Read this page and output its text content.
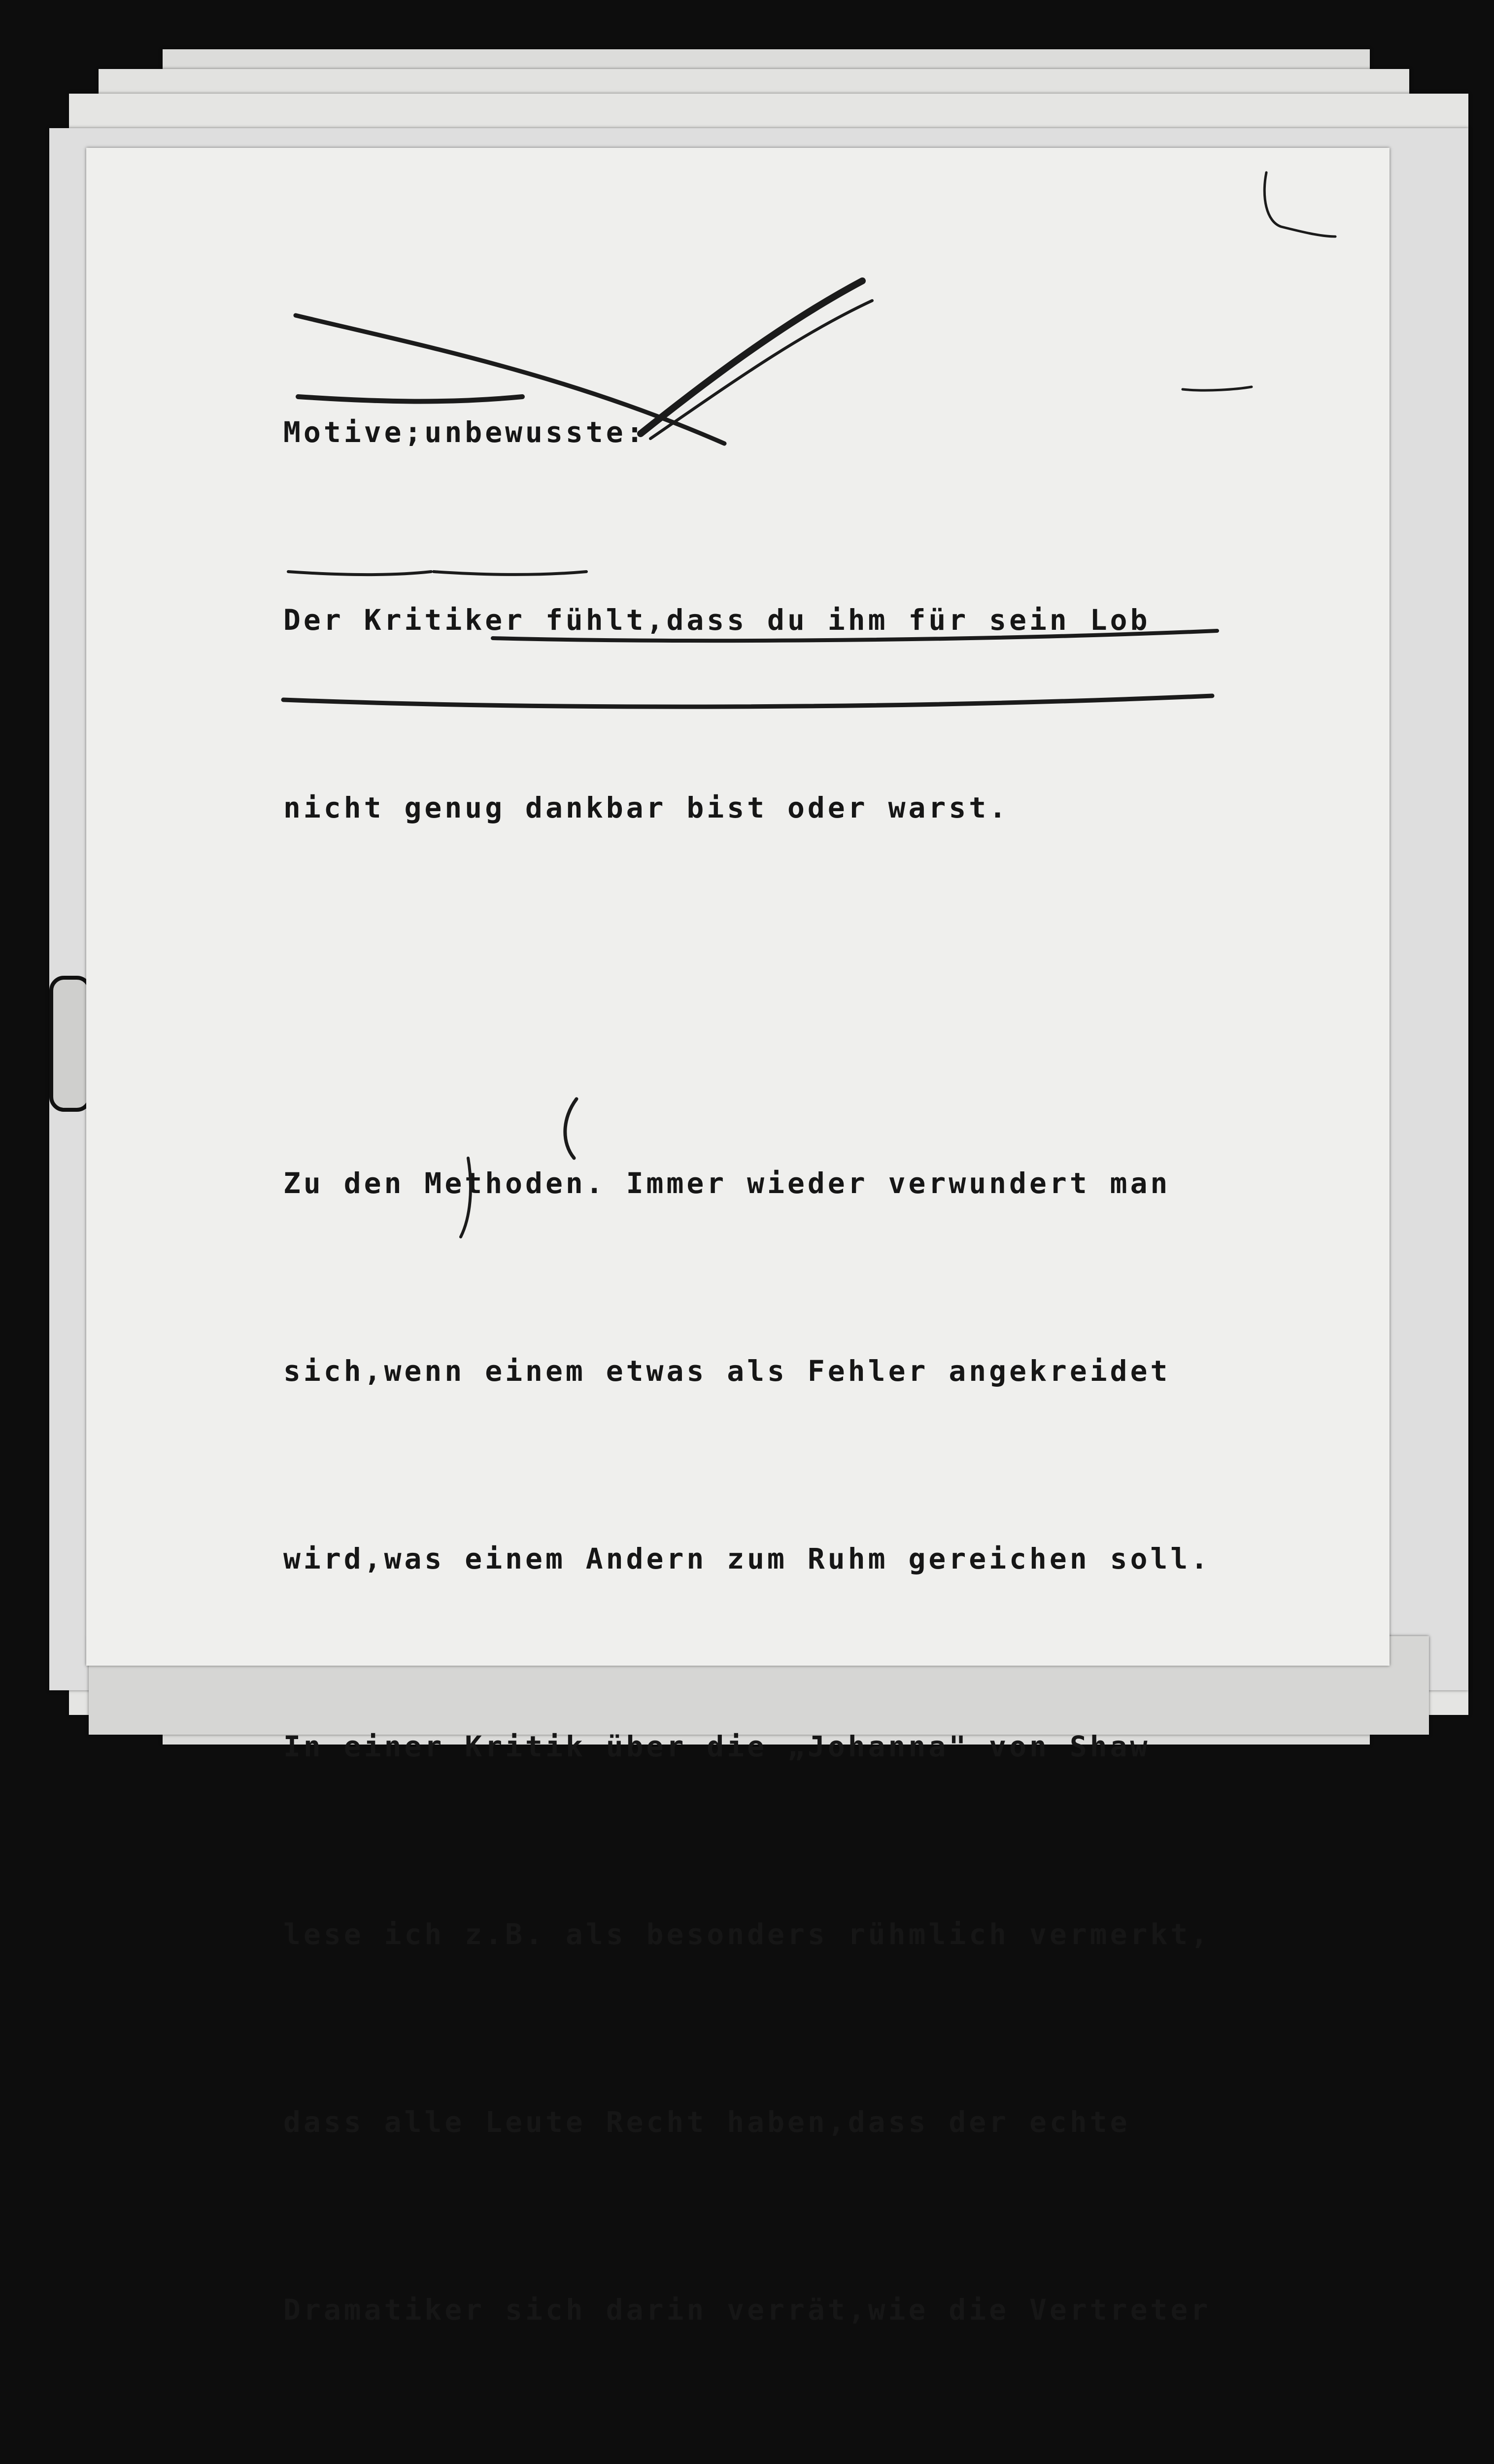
Motive;unbewusste:

Der Kritiker fühlt,dass du ihm für sein Lob

nicht genug dankbar bist oder warst.

Zu den Methoden. Immer wieder verwundert man

sich,wenn einem etwas als Fehler angekreidet

wird,was einem Andern zum Ruhm gereichen soll.

In einer Kritik über die „Johanna" von Shaw

lese ich z.B. als besonders rühmlich vermerkt,

dass alle Leute Recht haben,dass der echte

Dramatiker sich darin verrät,wie die Vertreter
